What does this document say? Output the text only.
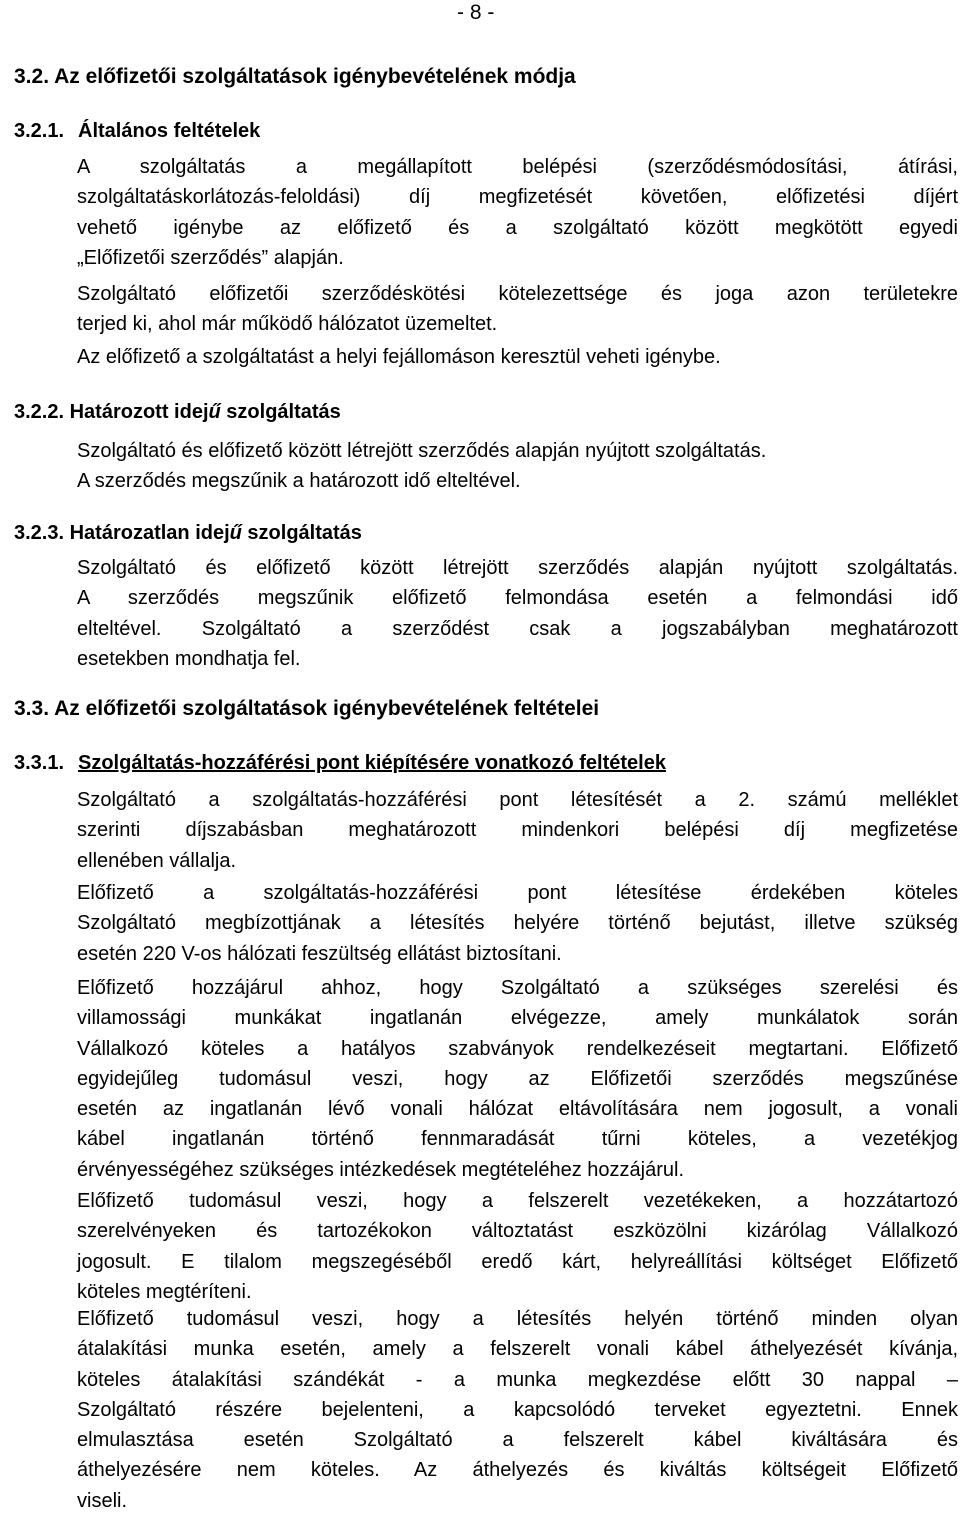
- 8 -
3.2. Az előfizetői szolgáltatások igénybevételének módja
3.2.1. Általános feltételek
A szolgáltatás a megállapított belépési (szerződésmódosítási, átírási,
szolgáltatáskorlátozás-feloldási) díj megfizetését követően, előfizetési díjért
vehető igénybe az előfizető és a szolgáltató között megkötött egyedi
„Előfizetői szerződés” alapján.
Szolgáltató előfizetői szerződéskötési kötelezettsége és joga azon területekre
terjed ki, ahol már működő hálózatot üzemeltet.
Az előfizető a szolgáltatást a helyi fejállomáson keresztül veheti igénybe.
3.2.2. Határozott idejű szolgáltatás
Szolgáltató és előfizető között létrejött szerződés alapján nyújtott szolgáltatás.
A szerződés megszűnik a határozott idő elteltével.
3.2.3. Határozatlan idejű szolgáltatás
Szolgáltató és előfizető között létrejött szerződés alapján nyújtott szolgáltatás.
A szerződés megszűnik előfizető felmondása esetén a felmondási idő
elteltével. Szolgáltató a szerződést csak a jogszabályban meghatározott
esetekben mondhatja fel.
3.3. Az előfizetői szolgáltatások igénybevételének feltételei
3.3.1. Szolgáltatás-hozzáférési pont kiépítésére vonatkozó feltételek
Szolgáltató a szolgáltatás-hozzáférési pont létesítését a 2. számú melléklet
szerinti díjszabásban meghatározott mindenkori belépési díj megfizetése
ellenében vállalja.
Előfizető a szolgáltatás-hozzáférési pont létesítése érdekében köteles
Szolgáltató megbízottjának a létesítés helyére történő bejutást, illetve szükség
esetén 220 V-os hálózati feszültség ellátást biztosítani.
Előfizető hozzájárul ahhoz, hogy Szolgáltató a szükséges szerelési és
villamossági munkákat ingatlanán elvégezze, amely munkálatok során
Vállalkozó köteles a hatályos szabványok rendelkezéseit megtartani. Előfizető
egyidejűleg tudomásul veszi, hogy az Előfizetői szerződés megszűnése
esetén az ingatlanán lévő vonali hálózat eltávolítására nem jogosult, a vonali
kábel ingatlanán történő fennmaradását tűrni köteles, a vezetékjog
érvényességéhez szükséges intézkedések megtételéhez hozzájárul.
Előfizető tudomásul veszi, hogy a felszerelt vezetékeken, a hozzátartozó
szerelvényeken és tartozékokon változtatást eszközölni kizárólag Vállalkozó
jogosult. E tilalom megszegéséből eredő kárt, helyreállítási költséget Előfizető
köteles megtéríteni.
Előfizető tudomásul veszi, hogy a létesítés helyén történő minden olyan
átalakítási munka esetén, amely a felszerelt vonali kábel áthelyezését kívánja,
köteles átalakítási szándékát - a munka megkezdése előtt 30 nappal –
Szolgáltató részére bejelenteni, a kapcsolódó terveket egyeztetni. Ennek
elmulasztása esetén Szolgáltató a felszerelt kábel kiváltására és
áthelyezésére nem köteles. Az áthelyezés és kiváltás költségeit Előfizető
viseli.
